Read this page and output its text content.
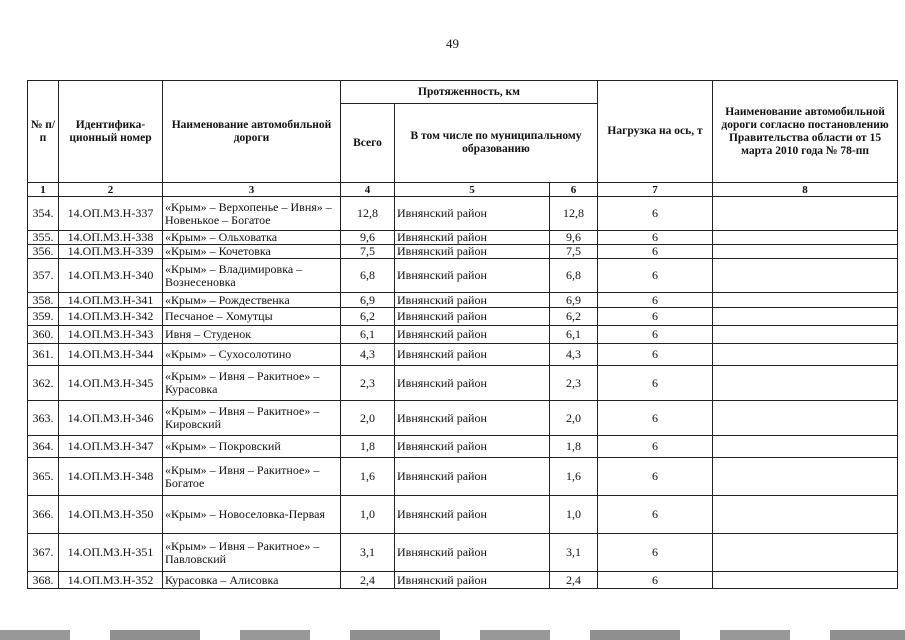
49
№ п/п	Идентифика-ционный номер	Наименование автомобильной дороги	Протяженность, км			Нагрузка на ось, т	Наименование автомобильной дороги согласно постановлению Правительства области от 15 марта 2010 года № 78-пп
			Всего	В том числе по муниципальному образованию			
1	2	3	4	5	6	7	8
354.	14.ОП.МЗ.Н-337	«Крым» – Верхопенье – Ивня» – Новенькое – Богатое	12,8	Ивнянский район	12,8	6	
355.	14.ОП.МЗ.Н-338	«Крым» – Ольховатка	9,6	Ивнянский район	9,6	6	
356.	14.ОП.МЗ.Н-339	«Крым» – Кочетовка	7,5	Ивнянский район	7,5	6	
357.	14.ОП.МЗ.Н-340	«Крым» – Владимировка – Вознесеновка	6,8	Ивнянский район	6,8	6	
358.	14.ОП.МЗ.Н-341	«Крым» – Рождественка	6,9	Ивнянский район	6,9	6	
359.	14.ОП.МЗ.Н-342	Песчаное – Хомутцы	6,2	Ивнянский район	6,2	6	
360.	14.ОП.МЗ.Н-343	Ивня – Студенок	6,1	Ивнянский район	6,1	6	
361.	14.ОП.МЗ.Н-344	«Крым» – Сухосолотино	4,3	Ивнянский район	4,3	6	
362.	14.ОП.МЗ.Н-345	«Крым» – Ивня – Ракитное» – Курасовка	2,3	Ивнянский район	2,3	6	
363.	14.ОП.МЗ.Н-346	«Крым» – Ивня – Ракитное» – Кировский	2,0	Ивнянский район	2,0	6	
364.	14.ОП.МЗ.Н-347	«Крым» – Покровский	1,8	Ивнянский район	1,8	6	
365.	14.ОП.МЗ.Н-348	«Крым» – Ивня – Ракитное» – Богатое	1,6	Ивнянский район	1,6	6	
366.	14.ОП.МЗ.Н-350	«Крым» – Новоселовка-Первая	1,0	Ивнянский район	1,0	6	
367.	14.ОП.МЗ.Н-351	«Крым» – Ивня – Ракитное» – Павловский	3,1	Ивнянский район	3,1	6	
368.	14.ОП.МЗ.Н-352	Курасовка – Алисовка	2,4	Ивнянский район	2,4	6	
